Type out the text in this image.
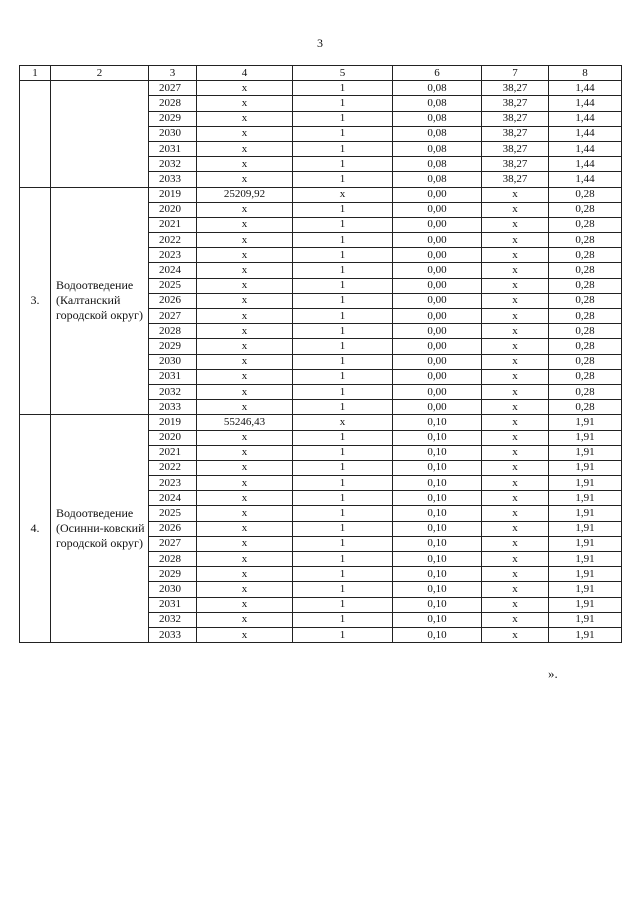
3
1	2	3	4	5	6	7	8
		2027	x	1	0,08	38,27	1,44
		2028	x	1	0,08	38,27	1,44
		2029	x	1	0,08	38,27	1,44
		2030	x	1	0,08	38,27	1,44
		2031	x	1	0,08	38,27	1,44
		2032	x	1	0,08	38,27	1,44
		2033	x	1	0,08	38,27	1,44
3.	Водоотведение (Калтанский городской округ)	2019	25209,92	x	0,00	x	0,28
		2020	x	1	0,00	x	0,28
		2021	x	1	0,00	x	0,28
		2022	x	1	0,00	x	0,28
		2023	x	1	0,00	x	0,28
		2024	x	1	0,00	x	0,28
		2025	x	1	0,00	x	0,28
		2026	x	1	0,00	x	0,28
		2027	x	1	0,00	x	0,28
		2028	x	1	0,00	x	0,28
		2029	x	1	0,00	x	0,28
		2030	x	1	0,00	x	0,28
		2031	x	1	0,00	x	0,28
		2032	x	1	0,00	x	0,28
		2033	x	1	0,00	x	0,28
4.	Водоотведение (Осинни-ковский городской округ)	2019	55246,43	x	0,10	x	1,91
		2020	x	1	0,10	x	1,91
		2021	x	1	0,10	x	1,91
		2022	x	1	0,10	x	1,91
		2023	x	1	0,10	x	1,91
		2024	x	1	0,10	x	1,91
		2025	x	1	0,10	x	1,91
		2026	x	1	0,10	x	1,91
		2027	x	1	0,10	x	1,91
		2028	x	1	0,10	x	1,91
		2029	x	1	0,10	x	1,91
		2030	x	1	0,10	x	1,91
		2031	x	1	0,10	x	1,91
		2032	x	1	0,10	x	1,91
		2033	x	1	0,10	x	1,91
».
